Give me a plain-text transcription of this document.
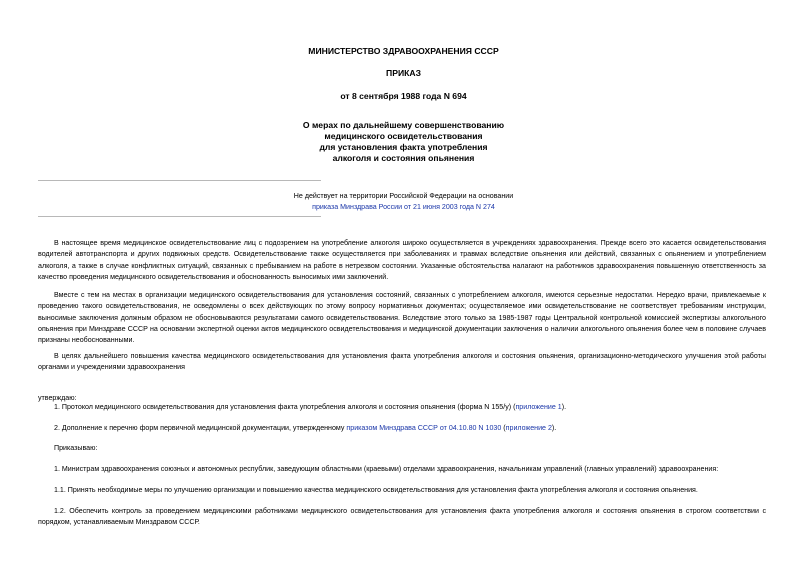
МИНИСТЕРСТВО ЗДРАВООХРАНЕНИЯ СССР
ПРИКАЗ
от 8 сентября 1988 года N 694
О мерах по дальнейшему совершенствованию
медицинского освидетельствования
для установления факта употребления
алкоголя и состояния опьянения
Не действует на территории Российской Федерации на основании
приказа Минздрава России от 21 июня 2003 года N 274
В настоящее время медицинское освидетельствование лиц с подозрением на употребление алкоголя широко осуществляется в учреждениях здравоохранения. Прежде всего это касается освидетельствования водителей автотранспорта и других подвижных средств. Освидетельствование также осуществляется при заболеваниях и травмах вследствие опьянения или действий, связанных с опьянением и употреблением алкоголя, а также в случае конфликтных ситуаций, связанных с пребыванием на работе в нетрезвом состоянии. Указанные обстоятельства налагают на работников здравоохранения повышенную ответственность за качество проведения медицинского освидетельствования и обоснованность выносимых ими заключений.
Вместе с тем на местах в организации медицинского освидетельствования для установления состояний, связанных с употреблением алкоголя, имеются серьезные недостатки. Нередко врачи, привлекаемые к проведению такого освидетельствования, не осведомлены о всех действующих по этому вопросу нормативных документах; осуществляемое ими освидетельствование не соответствует требованиям инструкции, выносимые заключения должным образом не обосновываются результатами самого освидетельствования. Вследствие этого только за 1985-1987 годы Центральной контрольной комиссией экспертизы алкогольного опьянения при Минздраве СССР на основании экспертной оценки актов медицинского освидетельствования и медицинской документации заключения о наличии алкогольного опьянения более чем в половине случаев признаны необоснованными.
В целях дальнейшего повышения качества медицинского освидетельствования для установления факта употребления алкоголя и состояния опьянения, организационно-методического улучшения этой работы органами и учреждениями здравоохранения
утверждаю:
1. Протокол медицинского освидетельствования для установления факта употребления алкоголя и состояния опьянения (форма N 155/у) (приложение 1).
2. Дополнение к перечню форм первичной медицинской документации, утвержденному приказом Минздрава СССР от 04.10.80 N 1030 (приложение 2).
Приказываю:
1. Министрам здравоохранения союзных и автономных республик, заведующим областными (краевыми) отделами здравоохранения, начальникам управлений (главных управлений) здравоохранения:
1.1. Принять необходимые меры по улучшению организации и повышению качества медицинского освидетельствования для установления факта употребления алкоголя и состояния опьянения.
1.2. Обеспечить контроль за проведением медицинскими работниками медицинского освидетельствования для установления факта употребления алкоголя и состояния опьянения в строгом соответствии с порядком, устанавливаемым Минздравом СССР.
